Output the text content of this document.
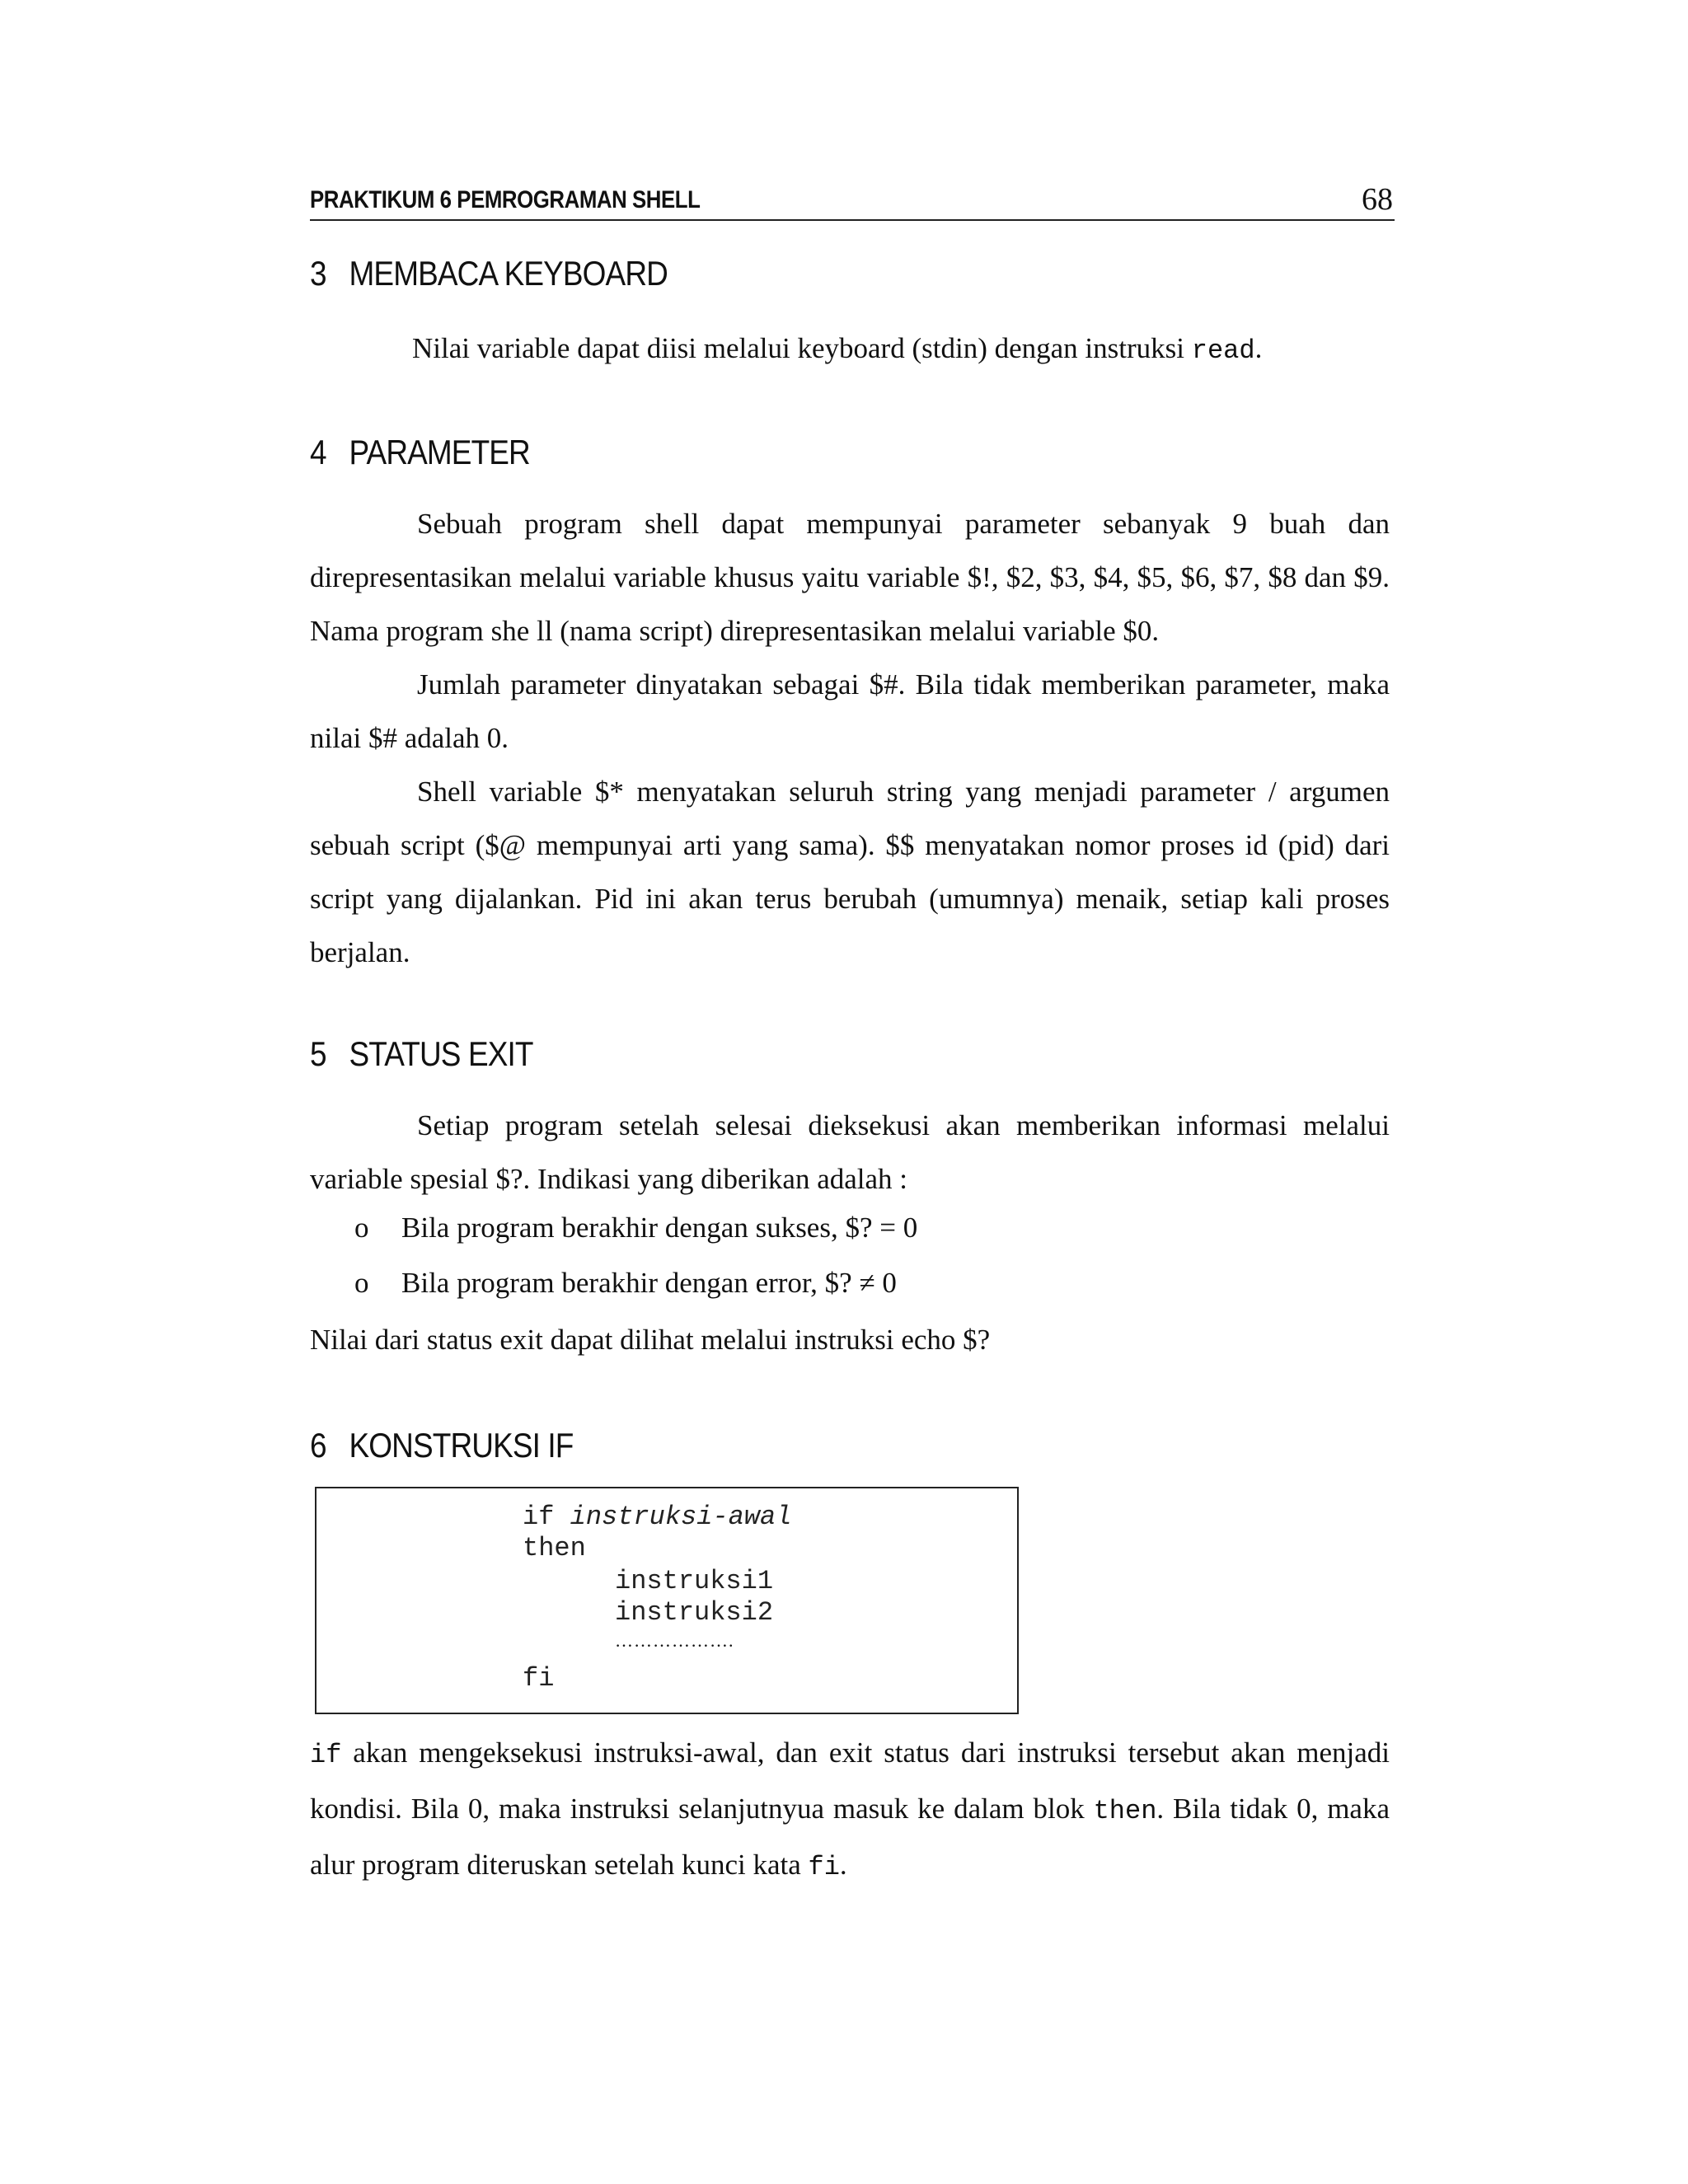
PRAKTIKUM 6 PEMROGRAMAN SHELL	68
3 MEMBACA KEYBOARD

Nilai variable dapat diisi melalui keyboard (stdin) dengan instruksi read.

4 PARAMETER

Sebuah program shell dapat mempunyai parameter sebanyak 9 buah dan direpresentasikan melalui variable khusus yaitu variable $!, $2, $3, $4, $5, $6, $7, $8 dan $9. Nama program she ll (nama script) direpresentasikan melalui variable $0.

Jumlah parameter dinyatakan sebagai $#. Bila tidak memberikan parameter, maka nilai $# adalah 0.

Shell variable $* menyatakan seluruh string yang menjadi parameter / argumen sebuah script ($@ mempunyai arti yang sama). $$ menyatakan nomor proses id (pid) dari script yang dijalankan. Pid ini akan terus berubah (umumnya) menaik, setiap kali proses berjalan.

5 STATUS EXIT

Setiap program setelah selesai dieksekusi akan memberikan informasi melalui variable spesial $?. Indikasi yang diberikan adalah :

o Bila program berakhir dengan sukses, $? = 0
o Bila program berakhir dengan error, $? ≠ 0

Nilai dari status exit dapat dilihat melalui instruksi echo $?

6 KONSTRUKSI IF
if instruksi-awal
then
instruksi1
instruksi2
……………….
fi

if akan mengeksekusi instruksi-awal, dan exit status dari instruksi tersebut akan menjadi kondisi. Bila 0, maka instruksi selanjutnyua masuk ke dalam blok then. Bila tidak 0, maka alur program diteruskan setelah kunci kata fi.
